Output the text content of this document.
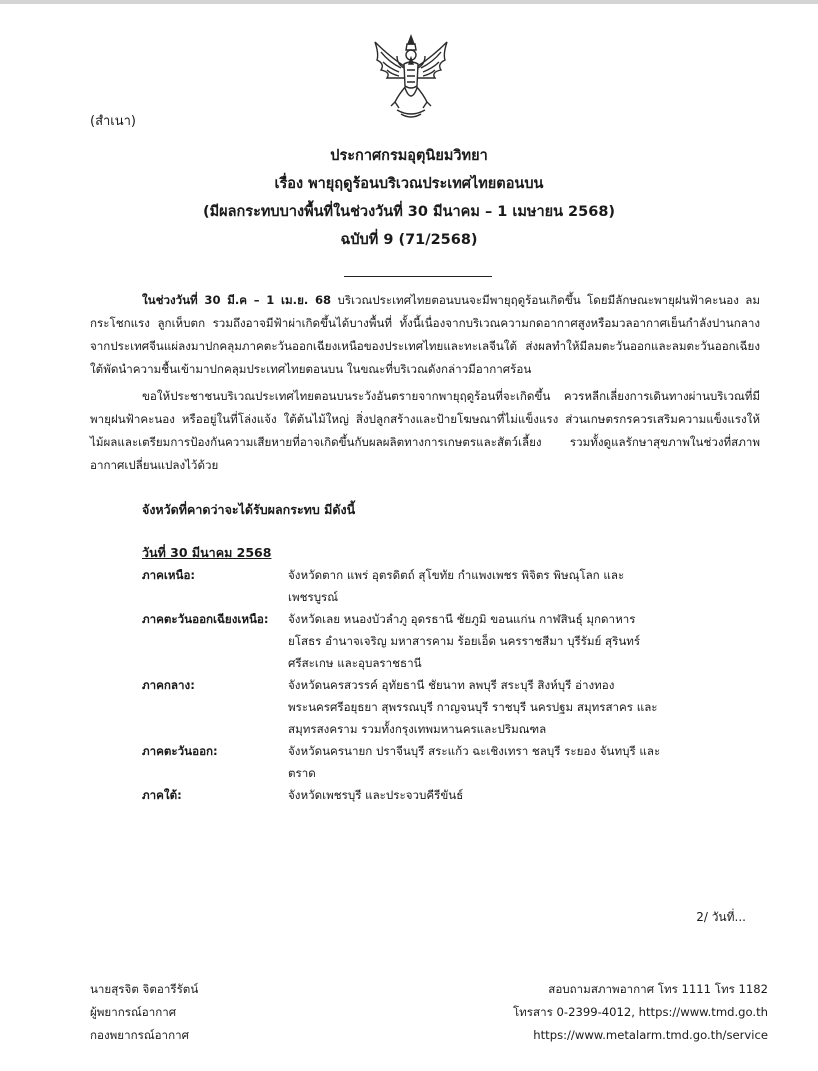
(สำเนา)
ประกาศกรมอุตุนิยมวิทยา
เรื่อง พายุฤดูร้อนบริเวณประเทศไทยตอนบน
(มีผลกระทบบางพื้นที่ในช่วงวันที่ 30 มีนาคม – 1 เมษายน 2568)
ฉบับที่ 9 (71/2568)

ในช่วงวันที่ 30 มี.ค – 1 เม.ย. 68 บริเวณประเทศไทยตอนบนจะมีพายุฤดูร้อนเกิดขึ้น โดยมีลักษณะพายุฝนฟ้าคะนอง ลมกระโชกแรง ลูกเห็บตก รวมถึงอาจมีฟ้าผ่าเกิดขึ้นได้บางพื้นที่ ทั้งนี้เนื่องจากบริเวณความกดอากาศสูงหรือมวลอากาศเย็นกำลังปานกลางจากประเทศจีนแผ่ลงมาปกคลุมภาคตะวันออกเฉียงเหนือของประเทศไทยและทะเลจีนใต้ ส่งผลทำให้มีลมตะวันออกและลมตะวันออกเฉียงใต้พัดนำความชื้นเข้ามาปกคลุมประเทศไทยตอนบน ในขณะที่บริเวณดังกล่าวมีอากาศร้อน

ขอให้ประชาชนบริเวณประเทศไทยตอนบนระวังอันตรายจากพายุฤดูร้อนที่จะเกิดขึ้น ควรหลีกเลี่ยงการเดินทางผ่านบริเวณที่มีพายุฝนฟ้าคะนอง หรืออยู่ในที่โล่งแจ้ง ใต้ต้นไม้ใหญ่ สิ่งปลูกสร้างและป้ายโฆษณาที่ไม่แข็งแรง ส่วนเกษตรกรควรเสริมความแข็งแรงให้ไม้ผลและเตรียมการป้องกันความเสียหายที่อาจเกิดขึ้นกับผลผลิตทางการเกษตรและสัตว์เลี้ยง รวมทั้งดูแลรักษาสุขภาพในช่วงที่สภาพอากาศเปลี่ยนแปลงไว้ด้วย

จังหวัดที่คาดว่าจะได้รับผลกระทบ มีดังนี้
วันที่ 30 มีนาคม 2568
ภาคเหนือ:	จังหวัดตาก แพร่ อุตรดิตถ์ สุโขทัย กำแพงเพชร พิจิตร พิษณุโลก และเพชรบูรณ์
ภาคตะวันออกเฉียงเหนือ:	จังหวัดเลย หนองบัวลำภู อุดรธานี ชัยภูมิ ขอนแก่น กาฬสินธุ์ มุกดาหาร ยโสธร อำนาจเจริญ มหาสารคาม ร้อยเอ็ด นครราชสีมา บุรีรัมย์ สุรินทร์ ศรีสะเกษ และอุบลราชธานี
ภาคกลาง:	จังหวัดนครสวรรค์ อุทัยธานี ชัยนาท ลพบุรี สระบุรี สิงห์บุรี อ่างทอง พระนครศรีอยุธยา สุพรรณบุรี กาญจนบุรี ราชบุรี นครปฐม สมุทรสาคร และสมุทรสงคราม รวมทั้งกรุงเทพมหานครและปริมณฑล
ภาคตะวันออก:	จังหวัดนครนายก ปราจีนบุรี สระแก้ว ฉะเชิงเทรา ชลบุรี ระยอง จันทบุรี และตราด
ภาคใต้:	จังหวัดเพชรบุรี และประจวบคีรีขันธ์
2/ วันที่...
นายสุรจิต จิตอารีรัตน์
ผู้พยากรณ์อากาศ
กองพยากรณ์อากาศ
สอบถามสภาพอากาศ โทร 1111 โทร 1182
โทรสาร 0-2399-4012, https://www.tmd.go.th
https://www.metalarm.tmd.go.th/service
